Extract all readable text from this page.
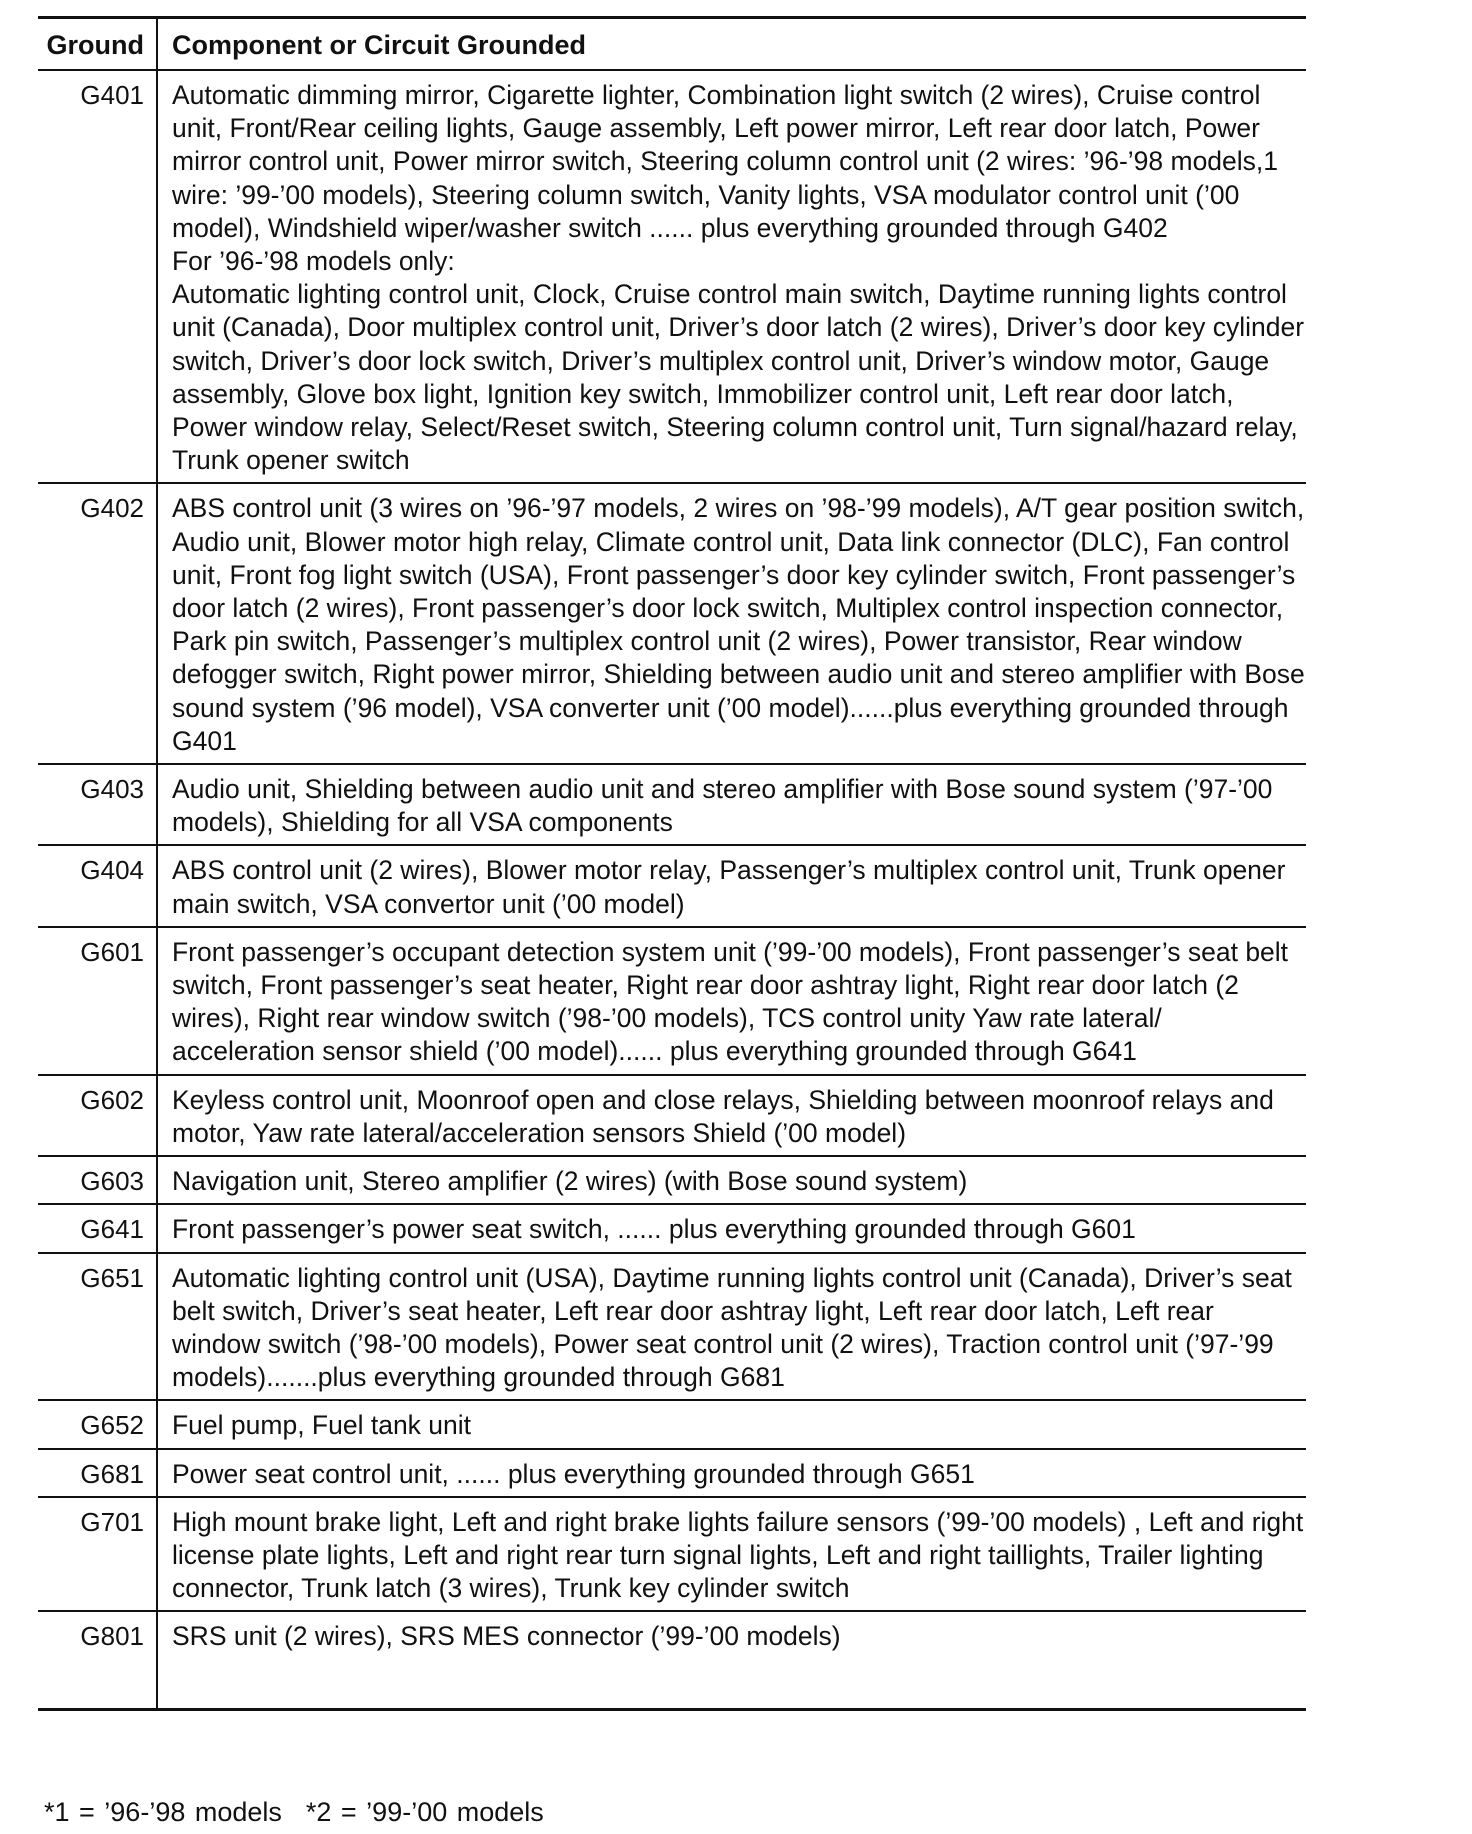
Ground	Component or Circuit Grounded
G401	Automatic dimming mirror, Cigarette lighter, Combination light switch (2 wires), Cruise control unit, Front/Rear ceiling lights, Gauge assembly, Left power mirror, Left rear door latch, Power mirror control unit, Power mirror switch, Steering column control unit (2 wires: ’96-’98 models,1 wire: ’99-’00 models), Steering column switch, Vanity lights, VSA modulator control unit (’00 model), Windshield wiper/washer switch ...... plus everything grounded through G402

For ’96-’98 models only:

Automatic lighting control unit, Clock, Cruise control main switch, Daytime running lights control unit (Canada), Door multiplex control unit, Driver’s door latch (2 wires), Driver’s door key cylinder switch, Driver’s door lock switch, Driver’s multiplex control unit, Driver’s window motor, Gauge assembly, Glove box light, Ignition key switch, Immobilizer control unit, Left rear door latch, Power window relay, Select/Reset switch, Steering column control unit, Turn signal/hazard relay, Trunk opener switch

G402	ABS control unit (3 wires on ’96-’97 models, 2 wires on ’98-’99 models), A/T gear position switch, Audio unit, Blower motor high relay, Climate control unit, Data link connector (DLC), Fan control unit, Front fog light switch (USA), Front passenger’s door key cylinder switch, Front passenger’s door latch (2 wires), Front passenger’s door lock switch, Multiplex control inspection connector, Park pin switch, Passenger’s multiplex control unit (2 wires), Power transistor, Rear window defogger switch, Right power mirror, Shielding between audio unit and stereo amplifier with Bose sound system (’96 model), VSA converter unit (’00 model)......plus everything grounded through G401

G403	Audio unit, Shielding between audio unit and stereo amplifier with Bose sound system (’97-’00 models), Shielding for all VSA components

G404	ABS control unit (2 wires), Blower motor relay, Passenger’s multiplex control unit, Trunk opener main switch, VSA convertor unit (’00 model)

G601	Front passenger’s occupant detection system unit (’99-’00 models), Front passenger’s seat belt switch, Front passenger’s seat heater, Right rear door ashtray light, Right rear door latch (2 wires), Right rear window switch (’98-’00 models), TCS control unity Yaw rate lateral/ acceleration sensor shield (’00 model)...... plus everything grounded through G641

G602	Keyless control unit, Moonroof open and close relays, Shielding between moonroof relays and motor, Yaw rate lateral/acceleration sensors Shield (’00 model)

G603	Navigation unit, Stereo amplifier (2 wires) (with Bose sound system)

G641	Front passenger’s power seat switch, ...... plus everything grounded through G601

G651	Automatic lighting control unit (USA), Daytime running lights control unit (Canada), Driver’s seat belt switch, Driver’s seat heater, Left rear door ashtray light, Left rear door latch, Left rear window switch (’98-’00 models), Power seat control unit (2 wires), Traction control unit (’97-’99 models).......plus everything grounded through G681

G652	Fuel pump, Fuel tank unit

G681	Power seat control unit, ...... plus everything grounded through G651

G701	High mount brake light, Left and right brake lights failure sensors (’99-’00 models) , Left and right license plate lights, Left and right rear turn signal lights, Left and right taillights, Trailer lighting connector, Trunk latch (3 wires), Trunk key cylinder switch

G801	SRS unit (2 wires), SRS MES connector (’99-’00 models)

*1 = ’96-’98 models *2 = ’99-’00 models
